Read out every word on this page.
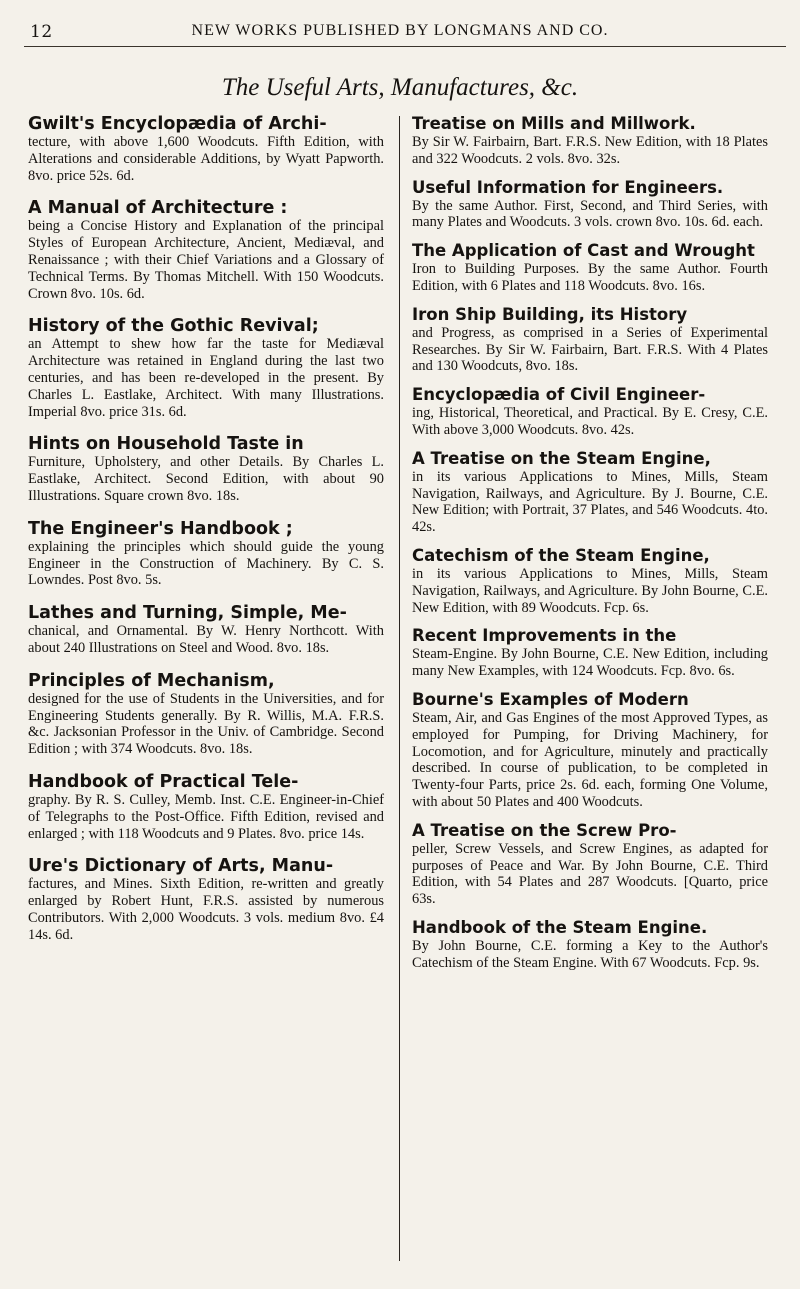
12	NEW WORKS PUBLISHED BY LONGMANS AND CO.
The Useful Arts, Manufactures, &c.
Gwilt's Encyclopædia of Archi-
tecture, with above 1,600 Woodcuts. Fifth Edition, with Alterations and considerable Additions, by Wyatt Papworth. 8vo. price 52s. 6d.
A Manual of Architecture :
being a Concise History and Explanation of the principal Styles of European Architecture, Ancient, Mediæval, and Renaissance ; with their Chief Variations and a Glossary of Technical Terms. By Thomas Mitchell. With 150 Woodcuts. Crown 8vo. 10s. 6d.
History of the Gothic Revival;
an Attempt to shew how far the taste for Mediæval Architecture was retained in England during the last two centuries, and has been re-developed in the present. By Charles L. Eastlake, Architect. With many Illustrations. Imperial 8vo. price 31s. 6d.
Hints on Household Taste in
Furniture, Upholstery, and other Details. By Charles L. Eastlake, Architect. Second Edition, with about 90 Illustrations. Square crown 8vo. 18s.
The Engineer's Handbook ;
explaining the principles which should guide the young Engineer in the Construction of Machinery. By C. S. Lowndes. Post 8vo. 5s.
Lathes and Turning, Simple, Me-
chanical, and Ornamental. By W. Henry Northcott. With about 240 Illustrations on Steel and Wood. 8vo. 18s.
Principles of Mechanism,
designed for the use of Students in the Universities, and for Engineering Students generally. By R. Willis, M.A. F.R.S. &c. Jacksonian Professor in the Univ. of Cambridge. Second Edition ; with 374 Woodcuts. 8vo. 18s.
Handbook of Practical Tele-
graphy. By R. S. Culley, Memb. Inst. C.E. Engineer-in-Chief of Telegraphs to the Post-Office. Fifth Edition, revised and enlarged ; with 118 Woodcuts and 9 Plates. 8vo. price 14s.
Ure's Dictionary of Arts, Manu-
factures, and Mines. Sixth Edition, re-written and greatly enlarged by Robert Hunt, F.R.S. assisted by numerous Contributors. With 2,000 Woodcuts. 3 vols. medium 8vo. £4 14s. 6d.
Treatise on Mills and Millwork.
By Sir W. Fairbairn, Bart. F.R.S. New Edition, with 18 Plates and 322 Woodcuts. 2 vols. 8vo. 32s.
Useful Information for Engineers.
By the same Author. First, Second, and Third Series, with many Plates and Woodcuts. 3 vols. crown 8vo. 10s. 6d. each.
The Application of Cast and Wrought
Iron to Building Purposes. By the same Author. Fourth Edition, with 6 Plates and 118 Woodcuts. 8vo. 16s.
Iron Ship Building, its History
and Progress, as comprised in a Series of Experimental Researches. By Sir W. Fairbairn, Bart. F.R.S. With 4 Plates and 130 Woodcuts, 8vo. 18s.
Encyclopædia of Civil Engineer-
ing, Historical, Theoretical, and Practical. By E. Cresy, C.E. With above 3,000 Woodcuts. 8vo. 42s.
A Treatise on the Steam Engine,
in its various Applications to Mines, Mills, Steam Navigation, Railways, and Agriculture. By J. Bourne, C.E. New Edition; with Portrait, 37 Plates, and 546 Woodcuts. 4to. 42s.
Catechism of the Steam Engine,
in its various Applications to Mines, Mills, Steam Navigation, Railways, and Agriculture. By John Bourne, C.E. New Edition, with 89 Woodcuts. Fcp. 6s.
Recent Improvements in the
Steam-Engine. By John Bourne, C.E. New Edition, including many New Examples, with 124 Woodcuts. Fcp. 8vo. 6s.
Bourne's Examples of Modern
Steam, Air, and Gas Engines of the most Approved Types, as employed for Pumping, for Driving Machinery, for Locomotion, and for Agriculture, minutely and practically described. In course of publication, to be completed in Twenty-four Parts, price 2s. 6d. each, forming One Volume, with about 50 Plates and 400 Woodcuts.
A Treatise on the Screw Pro-
peller, Screw Vessels, and Screw Engines, as adapted for purposes of Peace and War. By John Bourne, C.E. Third Edition, with 54 Plates and 287 Woodcuts. [Quarto, price 63s.
Handbook of the Steam Engine.
By John Bourne, C.E. forming a Key to the Author's Catechism of the Steam Engine. With 67 Woodcuts. Fcp. 9s.
